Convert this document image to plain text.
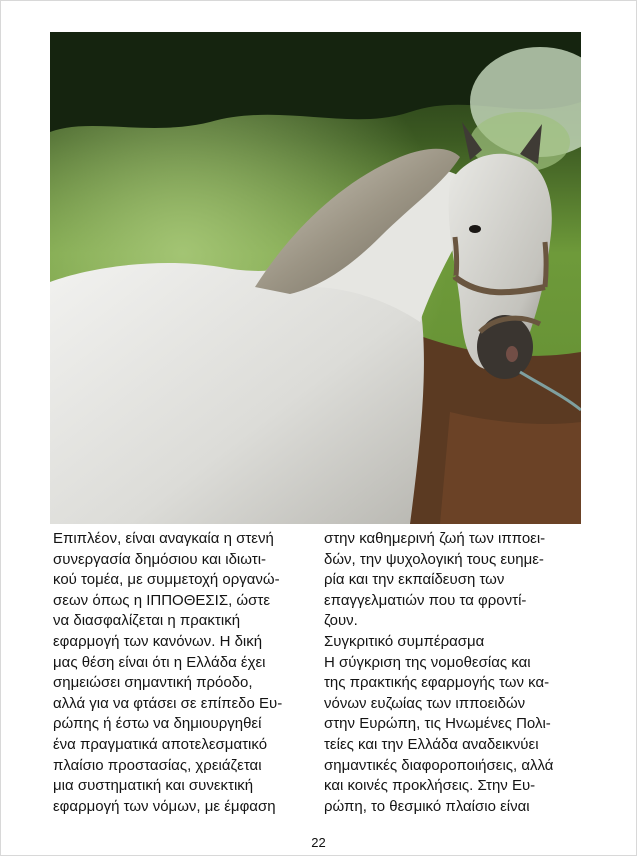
Επιπλέον, είναι αναγκαία η στενή
συνεργασία δημόσιου και ιδιωτι-
κού τομέα, με συμμετοχή οργανώ-
σεων όπως η ΙΠΠΟΘΕΣΙΣ, ώστε
να διασφαλίζεται η πρακτική
εφαρμογή των κανόνων. Η δική
μας θέση είναι ότι η Ελλάδα έχει
σημειώσει σημαντική πρόοδο,
αλλά για να φτάσει σε επίπεδο Ευ-
ρώπης ή έστω να δημιουργηθεί
ένα πραγματικά αποτελεσματικό
πλαίσιο προστασίας, χρειάζεται
μια συστηματική και συνεκτική
εφαρμογή των νόμων, με έμφαση

στην καθημερινή ζωή των ιπποει-
δών, την ψυχολογική τους ευημε-
ρία και την εκπαίδευση των
επαγγελματιών που τα φροντί-
ζουν.

Συγκριτικό συμπέρασμα

Η σύγκριση της νομοθεσίας και
της πρακτικής εφαρμογής των κα-
νόνων ευζωίας των ιπποειδών
στην Ευρώπη, τις Ηνωμένες Πολι-
τείες και την Ελλάδα αναδεικνύει
σημαντικές διαφοροποιήσεις, αλλά
και κοινές προκλήσεις. Στην Ευ-
ρώπη, το θεσμικό πλαίσιο είναι

22
